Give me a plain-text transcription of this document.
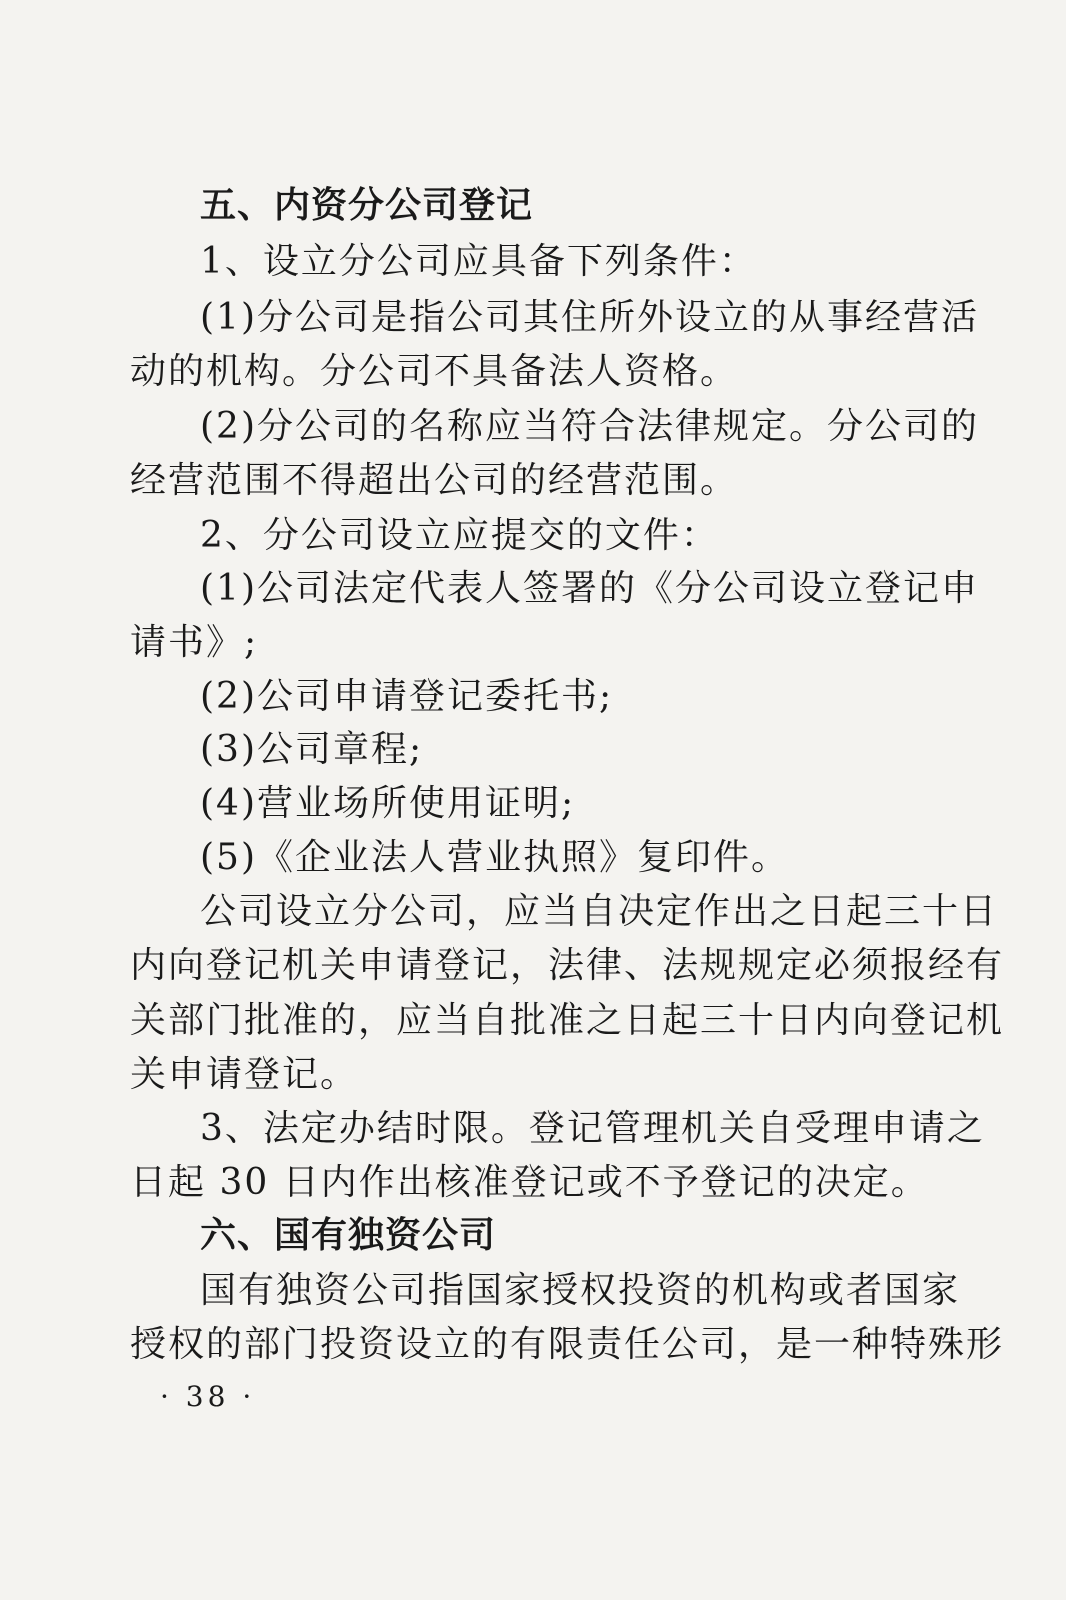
五、内资分公司登记
1、设立分公司应具备下列条件：
(1)分公司是指公司其住所外设立的从事经营活
动的机构。分公司不具备法人资格。
(2)分公司的名称应当符合法律规定。分公司的
经营范围不得超出公司的经营范围。
2、分公司设立应提交的文件：
(1)公司法定代表人签署的《分公司设立登记申
请书》;
(2)公司申请登记委托书;
(3)公司章程;
(4)营业场所使用证明;
(5)《企业法人营业执照》复印件。
公司设立分公司，应当自决定作出之日起三十日
内向登记机关申请登记，法律、法规规定必须报经有
关部门批准的，应当自批准之日起三十日内向登记机
关申请登记。
3、法定办结时限。登记管理机关自受理申请之
日起 30 日内作出核准登记或不予登记的决定。
六、国有独资公司
国有独资公司指国家授权投资的机构或者国家
授权的部门投资设立的有限责任公司，是一种特殊形
· 38 ·
